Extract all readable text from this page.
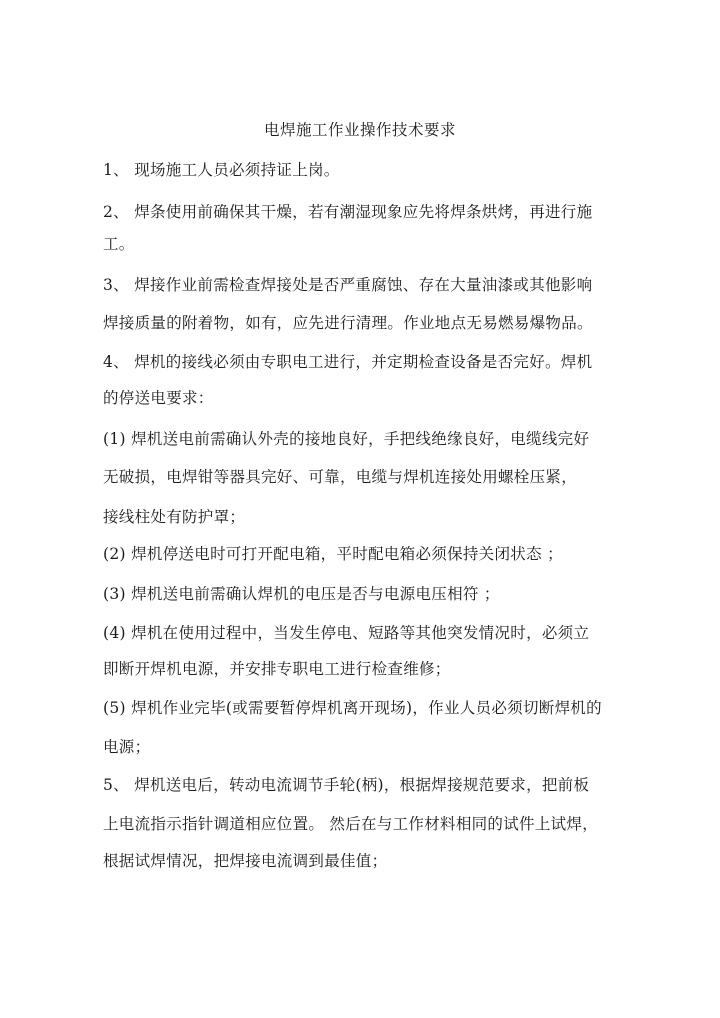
电焊施工作业操作技术要求
1、 现场施工人员必须持证上岗。
2、 焊条使用前确保其干燥，若有潮湿现象应先将焊条烘烤，再进行施
工。
3、 焊接作业前需检查焊接处是否严重腐蚀、存在大量油漆或其他影响
焊接质量的附着物，如有，应先进行清理。作业地点无易燃易爆物品。
4、 焊机的接线必须由专职电工进行，并定期检查设备是否完好。焊机
的停送电要求：
(1) 焊机送电前需确认外壳的接地良好，手把线绝缘良好，电缆线完好
无破损，电焊钳等器具完好、可靠，电缆与焊机连接处用螺栓压紧，
接线柱处有防护罩；
(2) 焊机停送电时可打开配电箱，平时配电箱必须保持关闭状态 ；
(3) 焊机送电前需确认焊机的电压是否与电源电压相符 ；
(4) 焊机在使用过程中，当发生停电、短路等其他突发情况时，必须立
即断开焊机电源，并安排专职电工进行检查维修；
(5) 焊机作业完毕(或需要暂停焊机离开现场)，作业人员必须切断焊机的
电源；
5、 焊机送电后，转动电流调节手轮(柄)，根据焊接规范要求，把前板
上电流指示指针调道相应位置。 然后在与工作材料相同的试件上试焊，
根据试焊情况，把焊接电流调到最佳值；
